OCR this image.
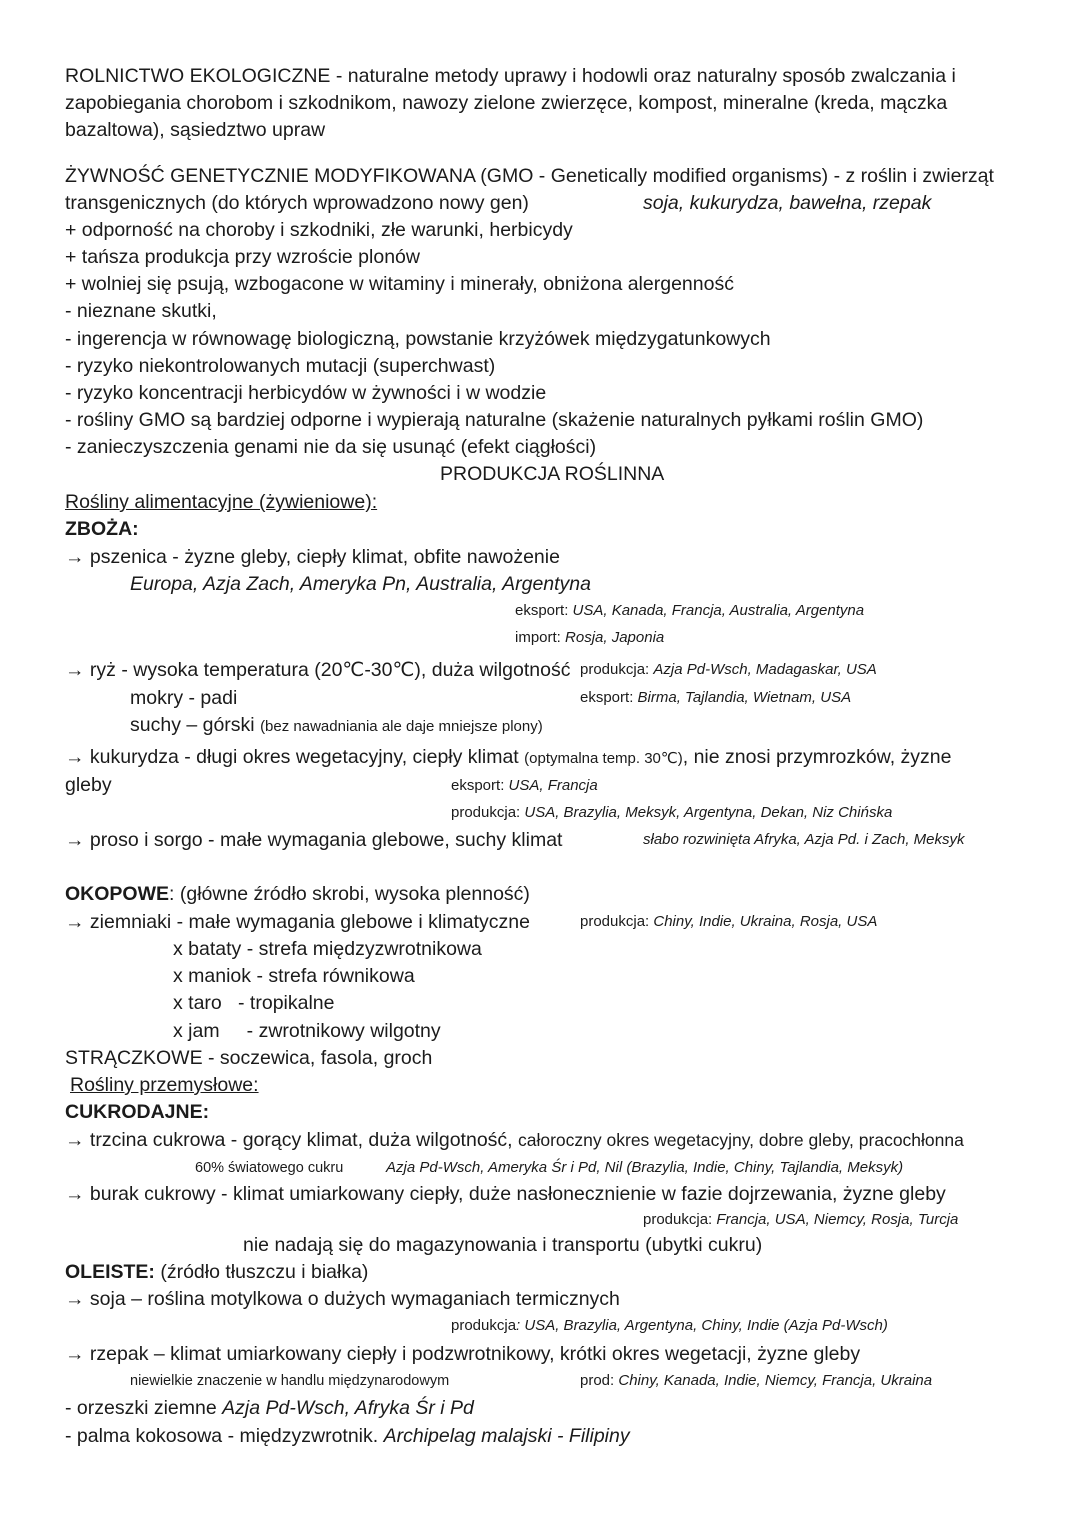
ROLNICTWO EKOLOGICZNE - naturalne metody uprawy i hodowli oraz naturalny sposób zwalczania i
zapobiegania chorobom i szkodnikom, nawozy zielone zwierzęce, kompost, mineralne (kreda, mączka
bazaltowa), sąsiedztwo upraw
ŻYWNOŚĆ GENETYCZNIE MODYFIKOWANA (GMO - Genetically modified organisms) - z roślin i zwierząt
transgenicznych (do których wprowadzono nowy gen)	soja, kukurydza, bawełna, rzepak
+ odporność na choroby i szkodniki, złe warunki, herbicydy
+ tańsza produkcja przy wzroście plonów
+ wolniej się psują, wzbogacone w witaminy i minerały, obniżona alergenność
- nieznane skutki,
- ingerencja w równowagę biologiczną, powstanie krzyżówek międzygatunkowych
- ryzyko niekontrolowanych mutacji (superchwast)
- ryzyko koncentracji herbicydów w żywności i w wodzie
- rośliny GMO są bardziej odporne i wypierają naturalne (skażenie naturalnych pyłkami roślin GMO)
- zanieczyszczenia genami nie da się usunąć (efekt ciągłości)
PRODUKCJA ROŚLINNA
Rośliny alimentacyjne (żywieniowe):
ZBOŻA:
→ pszenica - żyzne gleby, ciepły klimat, obfite nawożenie
Europa, Azja Zach, Ameryka Pn, Australia, Argentyna
eksport: USA, Kanada, Francja, Australia, Argentyna
import: Rosja, Japonia
→ ryż - wysoka temperatura (20℃-30℃), duża wilgotność produkcja: Azja Pd-Wsch, Madagaskar, USA
mokry - padi	eksport: Birma, Tajlandia, Wietnam, USA
suchy – górski (bez nawadniania ale daje mniejsze plony)
→ kukurydza - długi okres wegetacyjny, ciepły klimat (optymalna temp. 30℃), nie znosi przymrozków, żyzne
gleby	eksport: USA, Francja
produkcja: USA, Brazylia, Meksyk, Argentyna, Dekan, Niz Chińska
→ proso i sorgo - małe wymagania glebowe, suchy klimat	słabo rozwinięta Afryka, Azja Pd. i Zach, Meksyk
OKOPOWE: (główne źródło skrobi, wysoka plenność)
→ ziemniaki - małe wymagania glebowe i klimatyczne	produkcja: Chiny, Indie, Ukraina, Rosja, USA
x bataty - strefa międzyzwrotnikowa
x maniok - strefa równikowa
x taro   - tropikalne
x jam     - zwrotnikowy wilgotny
STRĄCZKOWE - soczewica, fasola, groch
Rośliny przemysłowe:
CUKRODAJNE:
→ trzcina cukrowa - gorący klimat, duża wilgotność, całoroczny okres wegetacyjny, dobre gleby, pracochłonna
60% światowego cukru	Azja Pd-Wsch, Ameryka Śr i Pd, Nil (Brazylia, Indie, Chiny, Tajlandia, Meksyk)
→ burak cukrowy - klimat umiarkowany ciepły, duże nasłonecznienie w fazie dojrzewania, żyzne gleby
produkcja: Francja, USA, Niemcy, Rosja, Turcja
nie nadają się do magazynowania i transportu (ubytki cukru)
OLEISTE: (źródło tłuszczu i białka)
→ soja – roślina motylkowa o dużych wymaganiach termicznych
produkcja: USA, Brazylia, Argentyna, Chiny, Indie (Azja Pd-Wsch)
→ rzepak – klimat umiarkowany ciepły i podzwrotnikowy, krótki okres wegetacji, żyzne gleby
niewielkie znaczenie w handlu międzynarodowym	prod: Chiny, Kanada, Indie, Niemcy, Francja, Ukraina
- orzeszki ziemne Azja Pd-Wsch, Afryka Śr i Pd
- palma kokosowa - międzyzwrotnik. Archipelag malajski - Filipiny
